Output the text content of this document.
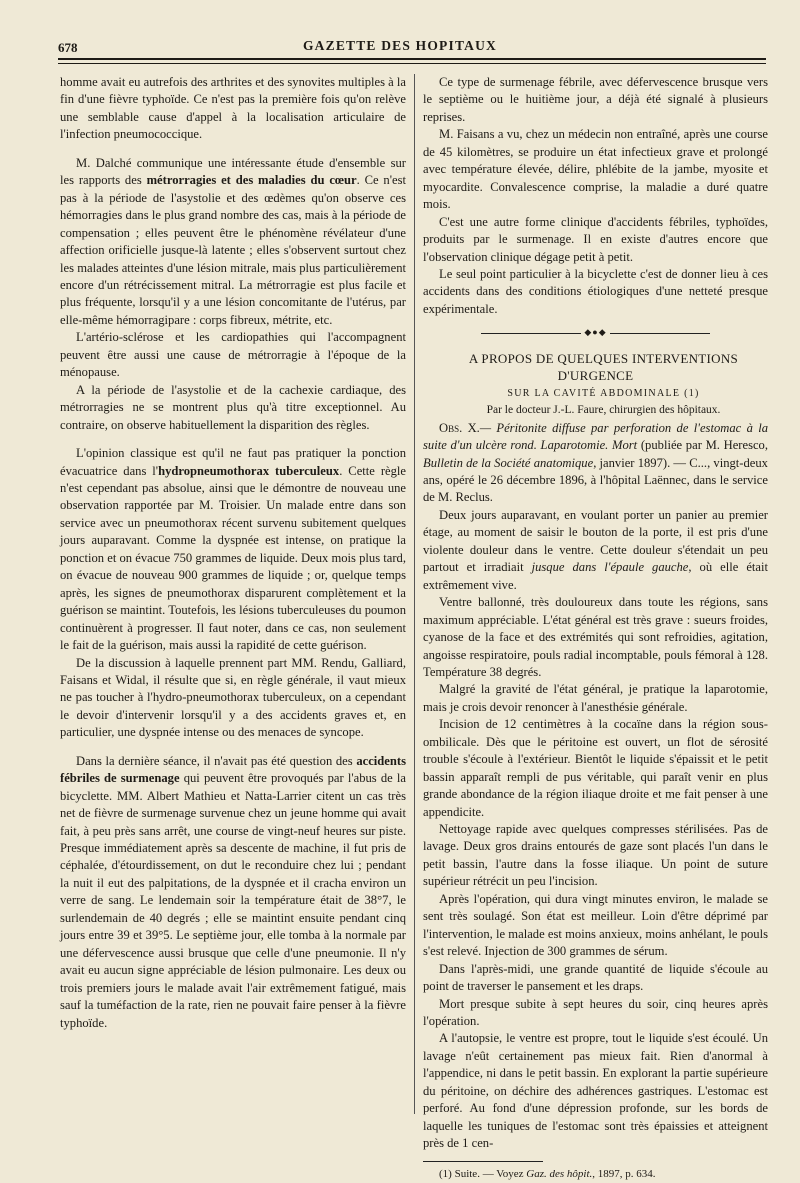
678	GAZETTE DES HOPITAUX

homme avait eu autrefois des arthrites et des synovites multiples à la fin d'une fièvre typhoïde. Ce n'est pas la première fois qu'on relève une semblable cause d'appel à la localisation articulaire de l'infection pneumococcique.

M. Dalché communique une intéressante étude d'ensemble sur les rapports des métrorragies et des maladies du cœur. Ce n'est pas à la période de l'asystolie et des œdèmes qu'on observe ces hémorragies dans le plus grand nombre des cas, mais à la période de compensation ; elles peuvent être le phénomène révélateur d'une affection orificielle jusque-là latente ; elles s'observent surtout chez les malades atteintes d'une lésion mitrale, mais plus particulièrement encore d'un rétrécissement mitral. La métrorragie est plus facile et plus fréquente, lorsqu'il y a une lésion concomitante de l'utérus, par elle-même hémorragipare : corps fibreux, métrite, etc.

L'artério-sclérose et les cardiopathies qui l'accompagnent peuvent être aussi une cause de métrorragie à l'époque de la ménopause.

A la période de l'asystolie et de la cachexie cardiaque, des métrorragies ne se montrent plus qu'à titre exceptionnel. Au contraire, on observe habituellement la disparition des règles.

L'opinion classique est qu'il ne faut pas pratiquer la ponction évacuatrice dans l'hydropneumothorax tuberculeux. Cette règle n'est cependant pas absolue, ainsi que le démontre de nouveau une observation rapportée par M. Troisier. Un malade entre dans son service avec un pneumothorax récent survenu subitement quelques jours auparavant. Comme la dyspnée est intense, on pratique la ponction et on évacue 750 grammes de liquide. Deux mois plus tard, on évacue de nouveau 900 grammes de liquide ; or, quelque temps après, les signes de pneumothorax disparurent complètement et la guérison se maintint. Toutefois, les lésions tuberculeuses du poumon continuèrent à progresser. Il faut noter, dans ce cas, non seulement le fait de la guérison, mais aussi la rapidité de cette guérison.

De la discussion à laquelle prennent part MM. Rendu, Galliard, Faisans et Widal, il résulte que si, en règle générale, il vaut mieux ne pas toucher à l'hydro-pneumothorax tuberculeux, on a cependant le devoir d'intervenir lorsqu'il y a des accidents graves et, en particulier, une dyspnée intense ou des menaces de syncope.

Dans la dernière séance, il n'avait pas été question des accidents fébriles de surmenage qui peuvent être provoqués par l'abus de la bicyclette. MM. Albert Mathieu et Natta-Larrier citent un cas très net de fièvre de surmenage survenue chez un jeune homme qui avait fait, à peu près sans arrêt, une course de vingt-neuf heures sur piste. Presque immédiatement après sa descente de machine, il fut pris de céphalée, d'étourdissement, on dut le reconduire chez lui ; pendant la nuit il eut des palpitations, de la dyspnée et il cracha environ un verre de sang. Le lendemain soir la température était de 38°7, le surlendemain de 40 degrés ; elle se maintint ensuite pendant cinq jours entre 39 et 39°5. Le septième jour, elle tomba à la normale par une défervescence aussi brusque que celle d'une pneumonie. Il n'y avait eu aucun signe appréciable de lésion pulmonaire. Les deux ou trois premiers jours le malade avait l'air extrêmement fatigué, mais sauf la tuméfaction de la rate, rien ne pouvait faire penser à la fièvre typhoïde.

Ce type de surmenage fébrile, avec défervescence brusque vers le septième ou le huitième jour, a déjà été signalé à plusieurs reprises.

M. Faisans a vu, chez un médecin non entraîné, après une course de 45 kilomètres, se produire un état infectieux grave et prolongé avec température élevée, délire, phlébite de la jambe, myosite et myocardite. Convalescence comprise, la maladie a duré quatre mois.

C'est une autre forme clinique d'accidents fébriles, typhoïdes, produits par le surmenage. Il en existe d'autres encore que l'observation clinique dégage petit à petit.

Le seul point particulier à la bicyclette c'est de donner lieu à ces accidents dans des conditions étiologiques d'une netteté presque expérimentale.

◆●◆

A PROPOS DE QUELQUES INTERVENTIONS D'URGENCE

SUR LA CAVITÉ ABDOMINALE (1)

Par le docteur J.-L. Faure, chirurgien des hôpitaux.

Obs. X.— Péritonite diffuse par perforation de l'estomac à la suite d'un ulcère rond. Laparotomie. Mort (publiée par M. Heresco, Bulletin de la Société anatomique, janvier 1897). — C..., vingt-deux ans, opéré le 26 décembre 1896, à l'hôpital Laënnec, dans le service de M. Reclus.

Deux jours auparavant, en voulant porter un panier au premier étage, au moment de saisir le bouton de la porte, il est pris d'une violente douleur dans le ventre. Cette douleur s'étendait un peu partout et irradiait jusque dans l'épaule gauche, où elle était extrêmement vive.

Ventre ballonné, très douloureux dans toute les régions, sans maximum appréciable. L'état général est très grave : sueurs froides, cyanose de la face et des extrémités qui sont refroidies, agitation, angoisse respiratoire, pouls radial incomptable, pouls fémoral à 128. Température 38 degrés.

Malgré la gravité de l'état général, je pratique la laparotomie, mais je crois devoir renoncer à l'anesthésie générale.

Incision de 12 centimètres à la cocaïne dans la région sous-ombilicale. Dès que le péritoine est ouvert, un flot de sérosité trouble s'écoule à l'extérieur. Bientôt le liquide s'épaissit et le petit bassin apparaît rempli de pus véritable, qui paraît venir en plus grande abondance de la région iliaque droite et me fait penser à une appendicite.

Nettoyage rapide avec quelques compresses stérilisées. Pas de lavage. Deux gros drains entourés de gaze sont placés l'un dans le petit bassin, l'autre dans la fosse iliaque. Un point de suture supérieur rétrécit un peu l'incision.

Après l'opération, qui dura vingt minutes environ, le malade se sent très soulagé. Son état est meilleur. Loin d'être déprimé par l'intervention, le malade est moins anxieux, moins anhélant, le pouls s'est relevé. Injection de 300 grammes de sérum.

Dans l'après-midi, une grande quantité de liquide s'écoule au point de traverser le pansement et les draps.

Mort presque subite à sept heures du soir, cinq heures après l'opération.

A l'autopsie, le ventre est propre, tout le liquide s'est écoulé. Un lavage n'eût certainement pas mieux fait. Rien d'anormal à l'appendice, ni dans le petit bassin. En explorant la partie supérieure du péritoine, on déchire des adhérences gastriques. L'estomac est perforé. Au fond d'une dépression profonde, sur les bords de laquelle les tuniques de l'estomac sont très épaissies et atteignent près de 1 cen-

(1) Suite. — Voyez Gaz. des hôpit., 1897, p. 634.
